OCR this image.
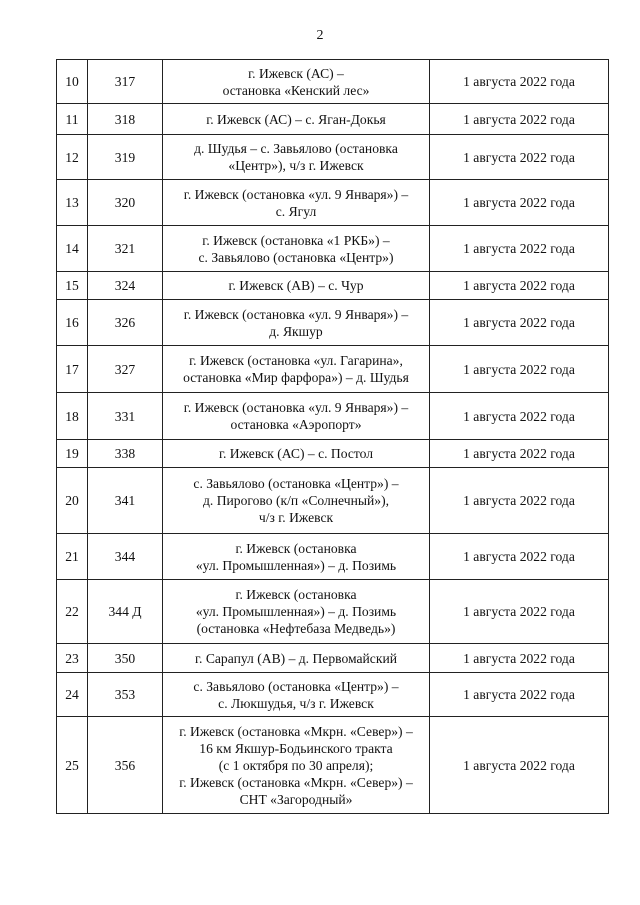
2
10	317	г. Ижевск (АС) –
остановка «Кенский лес»	1 августа 2022 года
11	318	г. Ижевск (АС) – с. Яган-Докья	1 августа 2022 года
12	319	д. Шудья – с. Завьялово (остановка
«Центр»), ч/з г. Ижевск	1 августа 2022 года
13	320	г. Ижевск (остановка «ул. 9 Января») –
с. Ягул	1 августа 2022 года
14	321	г. Ижевск (остановка «1 РКБ») –
с. Завьялово (остановка «Центр»)	1 августа 2022 года
15	324	г. Ижевск (АВ) – с. Чур	1 августа 2022 года
16	326	г. Ижевск (остановка «ул. 9 Января») –
д. Якшур	1 августа 2022 года
17	327	г. Ижевск (остановка «ул. Гагарина»,
остановка «Мир фарфора») – д. Шудья	1 августа 2022 года
18	331	г. Ижевск (остановка «ул. 9 Января») –
остановка «Аэропорт»	1 августа 2022 года
19	338	г. Ижевск (АС) – с. Постол	1 августа 2022 года
20	341	с. Завьялово (остановка «Центр») –
д. Пирогово (к/п «Солнечный»),
ч/з г. Ижевск	1 августа 2022 года
21	344	г. Ижевск (остановка
«ул. Промышленная») – д. Позимь	1 августа 2022 года
22	344 Д	г. Ижевск (остановка
«ул. Промышленная») – д. Позимь
(остановка «Нефтебаза Медведь»)	1 августа 2022 года
23	350	г. Сарапул (АВ) – д. Первомайский	1 августа 2022 года
24	353	с. Завьялово (остановка «Центр») –
с. Люкшудья, ч/з г. Ижевск	1 августа 2022 года
25	356	г. Ижевск (остановка «Мкрн. «Север») –
16 км Якшур-Бодьинского тракта
(с 1 октября по 30 апреля);
г. Ижевск (остановка «Мкрн. «Север») –
СНТ «Загородный»	1 августа 2022 года
